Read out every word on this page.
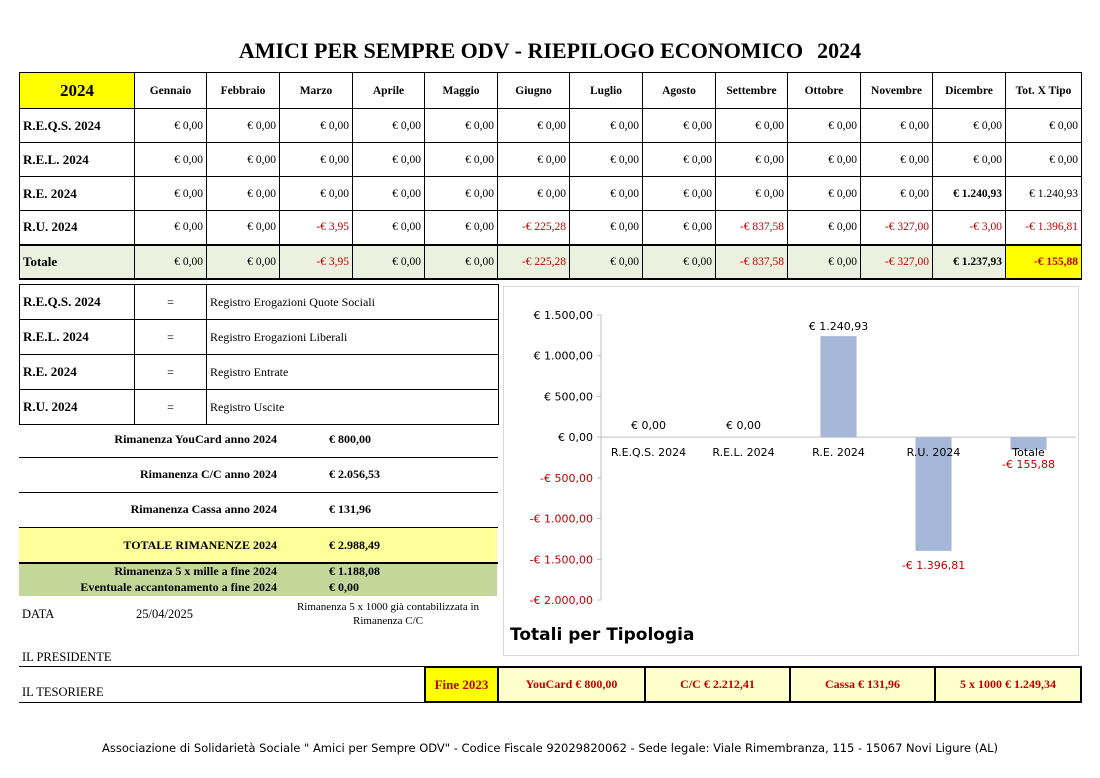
AMICI PER SEMPRE ODV - RIEPILOGO ECONOMICO 2024
2024	Gennaio	Febbraio	Marzo	Aprile	Maggio	Giugno	Luglio	Agosto	Settembre	Ottobre	Novembre	Dicembre	Tot. X Tipo
R.E.Q.S. 2024	€ 0,00	€ 0,00	€ 0,00	€ 0,00	€ 0,00	€ 0,00	€ 0,00	€ 0,00	€ 0,00	€ 0,00	€ 0,00	€ 0,00	€ 0,00
R.E.L. 2024	€ 0,00	€ 0,00	€ 0,00	€ 0,00	€ 0,00	€ 0,00	€ 0,00	€ 0,00	€ 0,00	€ 0,00	€ 0,00	€ 0,00	€ 0,00
R.E. 2024	€ 0,00	€ 0,00	€ 0,00	€ 0,00	€ 0,00	€ 0,00	€ 0,00	€ 0,00	€ 0,00	€ 0,00	€ 0,00	€ 1.240,93	€ 1.240,93
R.U. 2024	€ 0,00	€ 0,00	-€ 3,95	€ 0,00	€ 0,00	-€ 225,28	€ 0,00	€ 0,00	-€ 837,58	€ 0,00	-€ 327,00	-€ 3,00	-€ 1.396,81
Totale	€ 0,00	€ 0,00	-€ 3,95	€ 0,00	€ 0,00	-€ 225,28	€ 0,00	€ 0,00	-€ 837,58	€ 0,00	-€ 327,00	€ 1.237,93	-€ 155,88
R.E.Q.S. 2024	=	Registro Erogazioni Quote Sociali
R.E.L. 2024	=	Registro Erogazioni Liberali
R.E. 2024	=	Registro Entrate
R.U. 2024	=	Registro Uscite
Rimanenza YouCard anno 2024	€ 800,00
Rimanenza C/C anno 2024	€ 2.056,53
Rimanenza Cassa anno 2024	€ 131,96
TOTALE RIMANENZE 2024	€ 2.988,49
Rimanenza 5 x mille a fine 2024	€ 1.188,08
Eventuale accantonamento a fine 2024	€ 0,00
DATA	25/04/2025	Rimanenza 5 x 1000 già contabilizzata in Rimanenza C/C
IL PRESIDENTE
IL TESORIERE
€ 1.500,00
€ 1.000,00
€ 500,00
€ 0,00
-€ 500,00
-€ 1.000,00
-€ 1.500,00
-€ 2.000,00
R.E.Q.S. 2024
€ 0,00
R.E.L. 2024
€ 0,00
R.E. 2024
€ 1.240,93
R.U. 2024
-€ 1.396,81
Totale
-€ 155,88
Totali per Tipologia
Fine 2023	YouCard € 800,00	C/C € 2.212,41	Cassa € 131,96	5 x 1000 € 1.249,34
Associazione di Solidarietà Sociale " Amici per Sempre ODV" - Codice Fiscale 92029820062 - Sede legale: Viale Rimembranza, 115 - 15067 Novi Ligure (AL)
